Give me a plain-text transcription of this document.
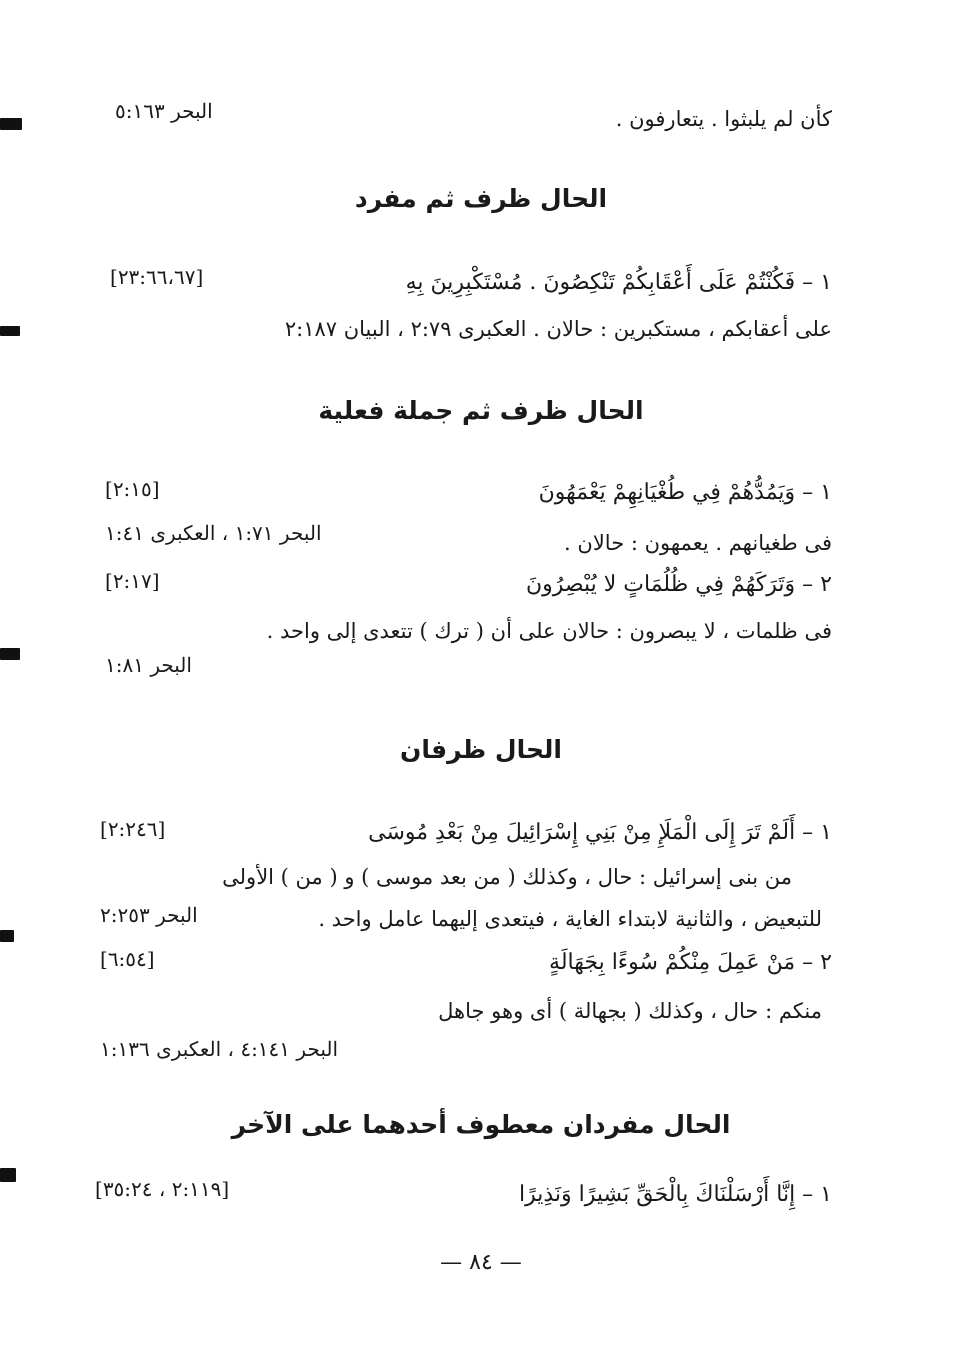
كأن لم يلبثوا . يتعارفون .
البحر ٥:١٦٣
الحال ظرف ثم مفرد
١ – فَكُنْتُمْ عَلَى أَعْقَابِكُمْ تَنْكِصُونَ . مُسْتَكْبِرِينَ بِهِ
[٢٣:٦٦،٦٧]
على أعقابكم ، مستكبرين : حالان . العكبرى ٢:٧٩ ، البيان ٢:١٨٧
الحال ظرف ثم جملة فعلية
١ – وَيَمُدُّهُمْ فِي طُغْيَانِهِمْ يَعْمَهُونَ
[٢:١٥]
فى طغيانهم . يعمهون : حالان .
البحر ١:٧١ ، العكبرى ١:٤١
٢ – وَتَرَكَهُمْ فِي ظُلُمَاتٍ لا يُبْصِرُونَ
[٢:١٧]
فى ظلمات ، لا يبصرون : حالان على أن ( ترك ) تتعدى إلى واحد .
البحر ١:٨١
الحال ظرفان
١ – أَلَمْ تَرَ إِلَى الْمَلَإِ مِنْ بَنِي إِسْرَائِيلَ مِنْ بَعْدِ مُوسَى
[٢:٢٤٦]
من بنى إسرائيل : حال ، وكذلك ( من بعد موسى ) و ( من ) الأولى
للتبعيض ، والثانية لابتداء الغاية ، فيتعدى إليهما عامل واحد .
البحر ٢:٢٥٣
٢ – مَنْ عَمِلَ مِنْكُمْ سُوءًا بِجَهَالَةٍ
[٦:٥٤]
منكم : حال ، وكذلك ( بجهالة ) أى وهو جاهل
البحر ٤:١٤١ ، العكبرى ١:١٣٦
الحال مفردان معطوف أحدهما على الآخر
١ – إِنَّا أَرْسَلْنَاكَ بِالْحَقِّ بَشِيرًا وَنَذِيرًا
[٢:١١٩ ، ٣٥:٢٤]
— ٨٤ —
